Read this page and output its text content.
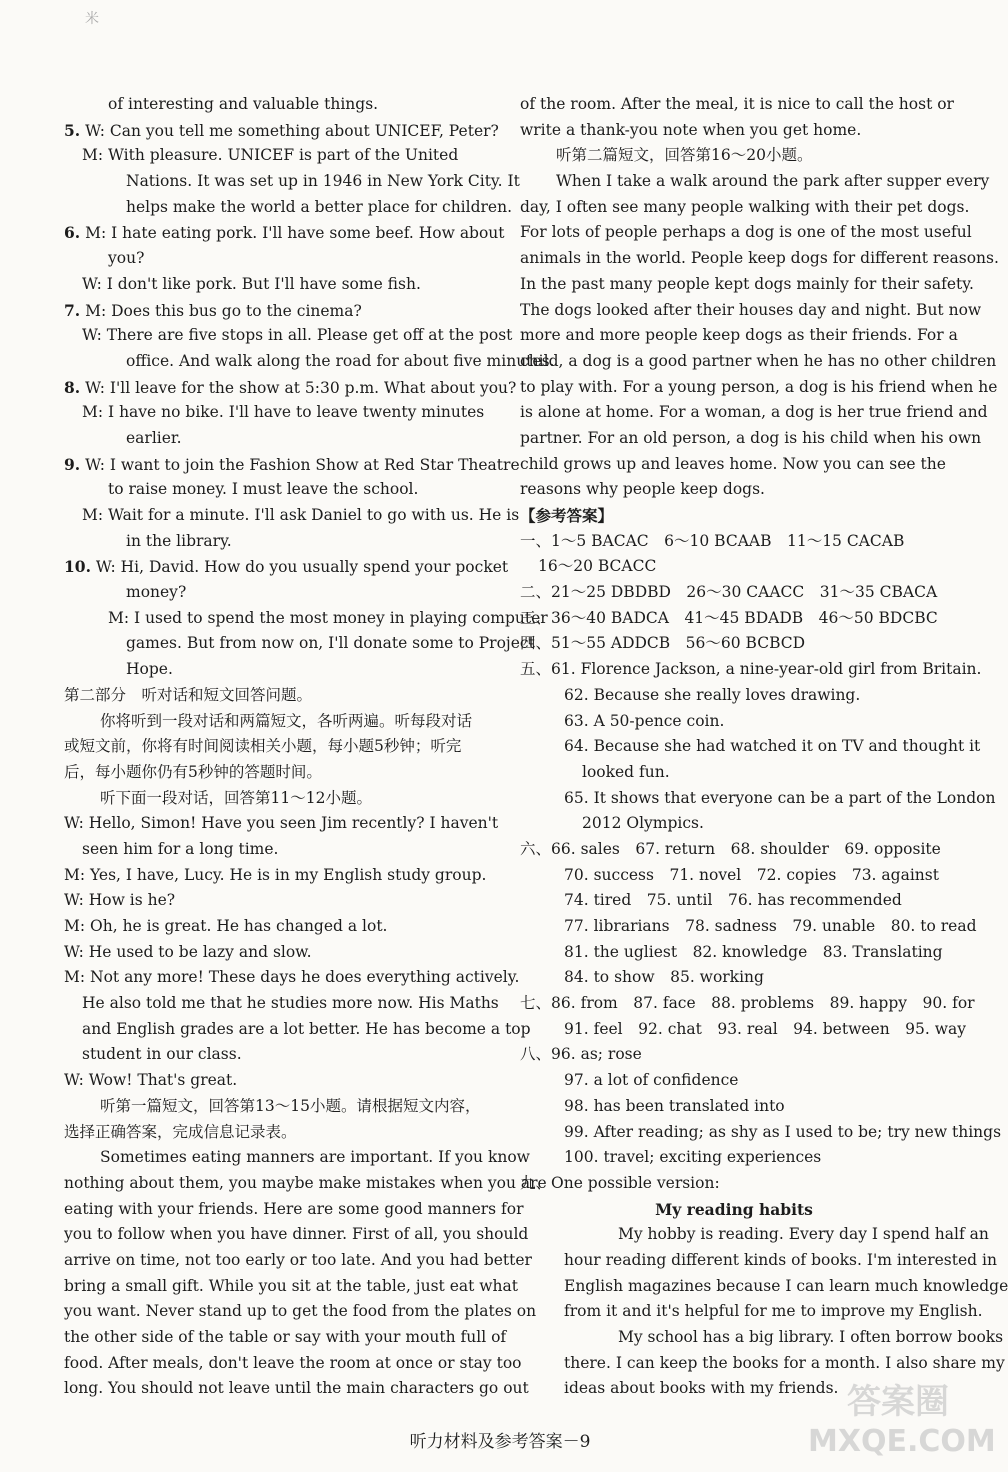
米
of interesting and valuable things.
5. W: Can you tell me something about UNICEF, Peter?
M: With pleasure. UNICEF is part of the United
Nations. It was set up in 1946 in New York City. It
helps make the world a better place for children.
6. M: I hate eating pork. I'll have some beef. How about
you?
W: I don't like pork. But I'll have some fish.
7. M: Does this bus go to the cinema?
W: There are five stops in all. Please get off at the post
office. And walk along the road for about five minutes.
8. W: I'll leave for the show at 5:30 p.m. What about you?
M: I have no bike. I'll have to leave twenty minutes
earlier.
9. W: I want to join the Fashion Show at Red Star Theatre
to raise money. I must leave the school.
M: Wait for a minute. I'll ask Daniel to go with us. He is
in the library.
10. W: Hi, David. How do you usually spend your pocket
money?
M: I used to spend the most money in playing computer
games. But from now on, I'll donate some to Project
Hope.
第二部分　听对话和短文回答问题。
你将听到一段对话和两篇短文，各听两遍。听每段对话
或短文前，你将有时间阅读相关小题，每小题5秒钟；听完
后，每小题你仍有5秒钟的答题时间。
听下面一段对话，回答第11～12小题。
W: Hello, Simon! Have you seen Jim recently? I haven't
seen him for a long time.
M: Yes, I have, Lucy. He is in my English study group.
W: How is he?
M: Oh, he is great. He has changed a lot.
W: He used to be lazy and slow.
M: Not any more! These days he does everything actively.
He also told me that he studies more now. His Maths
and English grades are a lot better. He has become a top
student in our class.
W: Wow! That's great.
听第一篇短文，回答第13～15小题。请根据短文内容，
选择正确答案，完成信息记录表。
Sometimes eating manners are important. If you know
nothing about them, you maybe make mistakes when you are
eating with your friends. Here are some good manners for
you to follow when you have dinner. First of all, you should
arrive on time, not too early or too late. And you had better
bring a small gift. While you sit at the table, just eat what
you want. Never stand up to get the food from the plates on
the other side of the table or say with your mouth full of
food. After meals, don't leave the room at once or stay too
long. You should not leave until the main characters go out
of the room. After the meal, it is nice to call the host or
write a thank-you note when you get home.
听第二篇短文，回答第16～20小题。
When I take a walk around the park after supper every
day, I often see many people walking with their pet dogs.
For lots of people perhaps a dog is one of the most useful
animals in the world. People keep dogs for different reasons.
In the past many people kept dogs mainly for their safety.
The dogs looked after their houses day and night. But now
more and more people keep dogs as their friends. For a
child, a dog is a good partner when he has no other children
to play with. For a young person, a dog is his friend when he
is alone at home. For a woman, a dog is her true friend and
partner. For an old person, a dog is his child when his own
child grows up and leaves home. Now you can see the
reasons why people keep dogs.
【参考答案】
一、1～5 BACAC　6～10 BCAAB　11～15 CACAB
16～20 BCACC
二、21～25 DBDBD　26～30 CAACC　31～35 CBACA
三、36～40 BADCA　41～45 BDADB　46～50 BDCBC
四、51～55 ADDCB　56～60 BCBCD
五、61. Florence Jackson, a nine-year-old girl from Britain.
62. Because she really loves drawing.
63. A 50-pence coin.
64. Because she had watched it on TV and thought it
looked fun.
65. It shows that everyone can be a part of the London
2012 Olympics.
六、66. sales　67. return　68. shoulder　69. opposite
70. success　71. novel　72. copies　73. against
74. tired　75. until　76. has recommended
77. librarians　78. sadness　79. unable　80. to read
81. the ugliest　82. knowledge　83. Translating
84. to show　85. working
七、86. from　87. face　88. problems　89. happy　90. for
91. feel　92. chat　93. real　94. between　95. way
八、96. as; rose
97. a lot of confidence
98. has been translated into
99. After reading; as shy as I used to be; try new things
100. travel; exciting experiences
九、One possible version:
My reading habits
My hobby is reading. Every day I spend half an
hour reading different kinds of books. I'm interested in
English magazines because I can learn much knowledge
from it and it's helpful for me to improve my English.
My school has a big library. I often borrow books
there. I can keep the books for a month. I also share my
ideas about books with my friends.
听力材料及参考答案－9
答案圈
MXQE.COM
